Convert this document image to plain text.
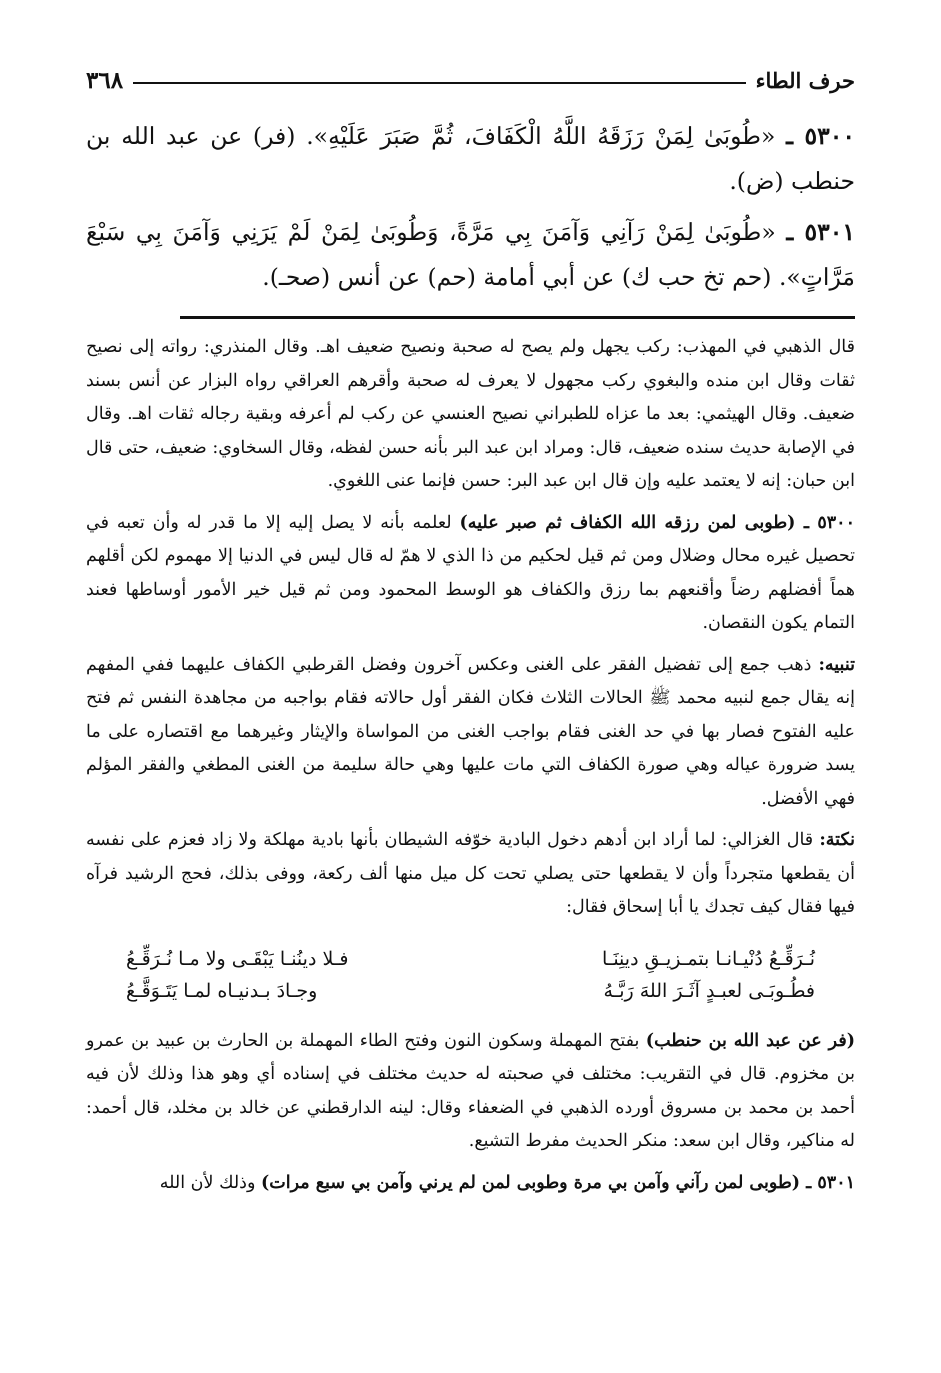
حرف الطاء
٣٦٨

٥٣٠٠ ـ «طُوبَىٰ لِمَنْ رَزَقَهُ اللَّهُ الْكَفَافَ، ثُمَّ صَبَرَ عَلَيْهِ». (فر) عن عبد الله بن حنطب (ض).

٥٣٠١ ـ «طُوبَىٰ لِمَنْ رَآنِي وَآمَنَ بِي مَرَّةً، وَطُوبَىٰ لِمَنْ لَمْ يَرَنِي وَآمَنَ بِي سَبْعَ مَرَّاتٍ». (حم تخ حب ك) عن أبي أمامة (حم) عن أنس (صحـ).

قال الذهبي في المهذب: ركب يجهل ولم يصح له صحبة ونصيح ضعيف اهـ. وقال المنذري: رواته إلى نصيح ثقات وقال ابن منده والبغوي ركب مجهول لا يعرف له صحبة وأقرهم العراقي رواه البزار عن أنس بسند ضعيف. وقال الهيثمي: بعد ما عزاه للطبراني نصيح العنسي عن ركب لم أعرفه وبقية رجاله ثقات اهـ. وقال في الإصابة حديث سنده ضعيف، قال: ومراد ابن عبد البر بأنه حسن لفظه، وقال السخاوي: ضعيف، حتى قال ابن حبان: إنه لا يعتمد عليه وإن قال ابن عبد البر: حسن فإنما عنى اللغوي.

٥٣٠٠ ـ (طوبى لمن رزقه الله الكفاف ثم صبر عليه) لعلمه بأنه لا يصل إليه إلا ما قدر له وأن تعبه في تحصيل غيره محال وضلال ومن ثم قيل لحكيم من ذا الذي لا همّ له قال ليس في الدنيا إلا مهموم لكن أقلهم هماً أفضلهم رضاً وأقنعهم بما رزق والكفاف هو الوسط المحمود ومن ثم قيل خير الأمور أوساطها فعند التمام يكون النقصان.

تنبيه: ذهب جمع إلى تفضيل الفقر على الغنى وعكس آخرون وفضل القرطبي الكفاف عليهما ففي المفهم إنه يقال جمع لنبيه محمد ﷺ الحالات الثلاث فكان الفقر أول حالاته فقام بواجبه من مجاهدة النفس ثم فتح عليه الفتوح فصار بها في حد الغنى فقام بواجب الغنى من المواساة والإيثار وغيرهما مع اقتصاره على ما يسد ضرورة عياله وهي صورة الكفاف التي مات عليها وهي حالة سليمة من الغنى المطغي والفقر المؤلم فهي الأفضل.

نكتة: قال الغزالي: لما أراد ابن أدهم دخول البادية خوّفه الشيطان بأنها بادية مهلكة ولا زاد فعزم على نفسه أن يقطعها متجرداً وأن لا يقطعها حتى يصلي تحت كل ميل منها ألف ركعة، ووفى بذلك، فحج الرشيد فرآه فيها فقال كيف تجدك يا أبا إسحاق فقال:

نُـرَقِّـعُ دُنْيـانـا بتمـزيـقِ دينِنَـا
فـلا دينُنـا يَبْقَـى ولا مـا نُـرَقِّـعُ
فطُـوبَـى لعبـدٍ آثَـرَ اللهَ رَبَّـهُ
وجـادَ بـدنيـاه لمـا يَتَـوَقَّـعُ

(فر عن عبد الله بن حنطب) بفتح المهملة وسكون النون وفتح الطاء المهملة بن الحارث بن عبيد بن عمرو بن مخزوم. قال في التقريب: مختلف في صحبته له حديث مختلف في إسناده أي وهو هذا وذلك لأن فيه أحمد بن محمد بن مسروق أورده الذهبي في الضعفاء وقال: لينه الدارقطني عن خالد بن مخلد، قال أحمد: له مناكير، وقال ابن سعد: منكر الحديث مفرط التشيع.

٥٣٠١ ـ (طوبى لمن رآني وآمن بي مرة وطوبى لمن لم يرني وآمن بي سبع مرات) وذلك لأن الله
